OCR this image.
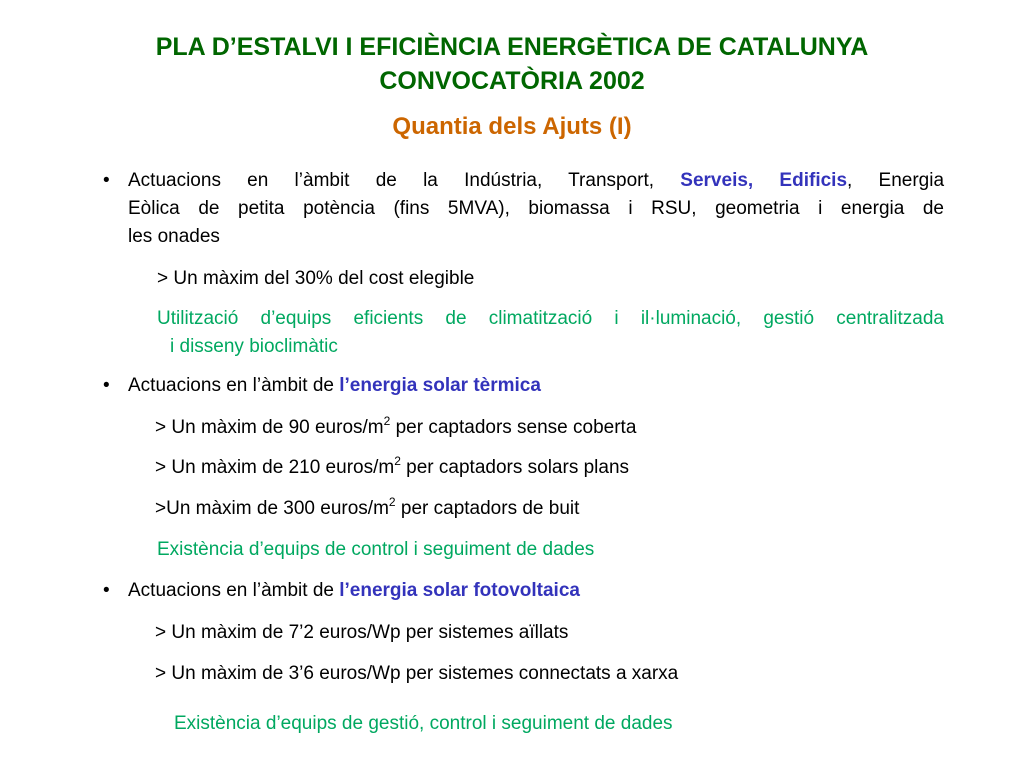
PLA D’ESTALVI I EFICIÈNCIA ENERGÈTICA DE CATALUNYA
CONVOCATÒRIA 2002
Quantia dels Ajuts (I)
• Actuacions en l’àmbit de la Indústria, Transport, Serveis, Edificis, Energia
Eòlica de petita potència (fins 5MVA), biomassa i RSU, geometria i energia de
les onades
> Un màxim del 30% del cost elegible
Utilització d’equips eficients de climatització i il·luminació, gestió centralitzada
i disseny bioclimàtic
• Actuacions en l’àmbit de l’energia solar tèrmica
> Un màxim de 90 euros/$m^2$ per captadors sense coberta
> Un màxim de 210 euros/$m^2$ per captadors solars plans
>Un màxim de 300 euros/$m^2$ per captadors de buit
Existència d’equips de control i seguiment de dades
• Actuacions en l’àmbit de l’energia solar fotovoltaica
> Un màxim de 7’2 euros/Wp per sistemes aïllats
> Un màxim de 3’6 euros/Wp per sistemes connectats a xarxa
Existència d’equips de gestió, control i seguiment de dades
